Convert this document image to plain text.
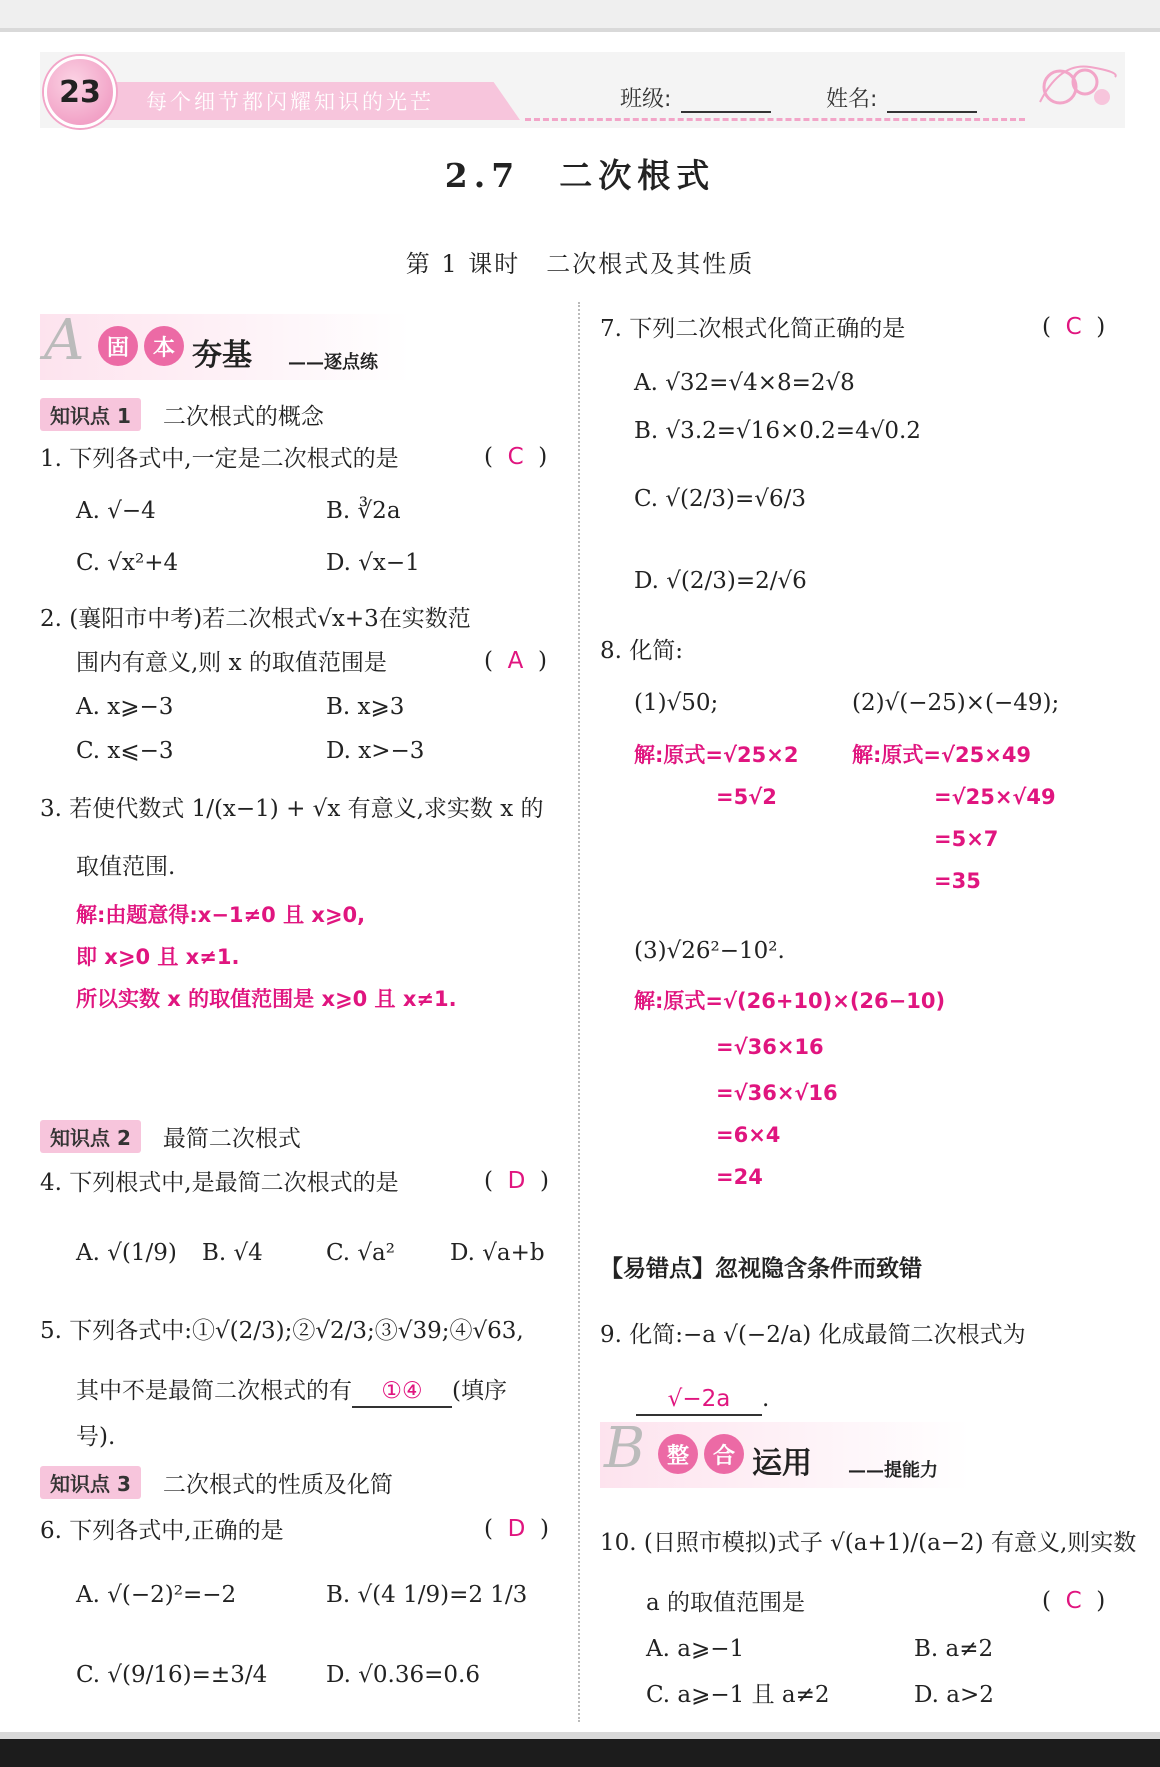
23	每个细节都闪耀知识的光芒	班级:	姓名:
2.7　二次根式
第 1 课时　二次根式及其性质
A	固	本 夯基 ——逐点练
知识点 1	二次根式的概念
1. 下列各式中,一定是二次根式的是	(  C  )
A. √−4	B. ∛2a
C. √x²+4	D. √x−1
2. (襄阳市中考)若二次根式√x+3在实数范
围内有意义,则 x 的取值范围是	(  A  )
A. x⩾−3	B. x⩾3
C. x⩽−3	D. x>−3
3. 若使代数式 1/(x−1) + √x 有意义,求实数 x 的
取值范围.
解:由题意得:x−1≠0 且 x⩾0,
即 x⩾0 且 x≠1.
所以实数 x 的取值范围是 x⩾0 且 x≠1.
知识点 2	最简二次根式
4. 下列根式中,是最简二次根式的是	(  D  )
A. √(1/9) B. √4	C. √a² D. √a+b
5. 下列各式中:①√(2/3);②√2/3;③√39;④√63,
其中不是最简二次根式的有 ①④ (填序
号).
知识点 3	二次根式的性质及化简
6. 下列各式中,正确的是	(  D  )
A. √(−2)²=−2	B. √(4 1/9)=2 1/3
C. √(9/16)=±3/4	D. √0.36=0.6
7. 下列二次根式化简正确的是	(  C  )
A. √32=√4×8=2√8
B. √3.2=√16×0.2=4√0.2
C. √(2/3)=√6/3
D. √(2/3)=2/√6
8. 化简:
(1)√50;	(2)√(−25)×(−49);
解:原式=√25×2
=5√2
解:原式=√25×49
=√25×√49
=5×7
=35
(3)√26²−10².
解:原式=√(26+10)×(26−10)
=√36×16
=√36×√16
=6×4
=24
【易错点】忽视隐含条件而致错
9. 化简:−a √(−2/a) 化成最简二次根式为
√−2a .
B 整	合 运用 ——提能力
10. (日照市模拟)式子 √(a+1)/(a−2) 有意义,则实数
a 的取值范围是	(  C  )
A. a⩾−1	B. a≠2
C. a⩾−1 且 a≠2	D. a>2
